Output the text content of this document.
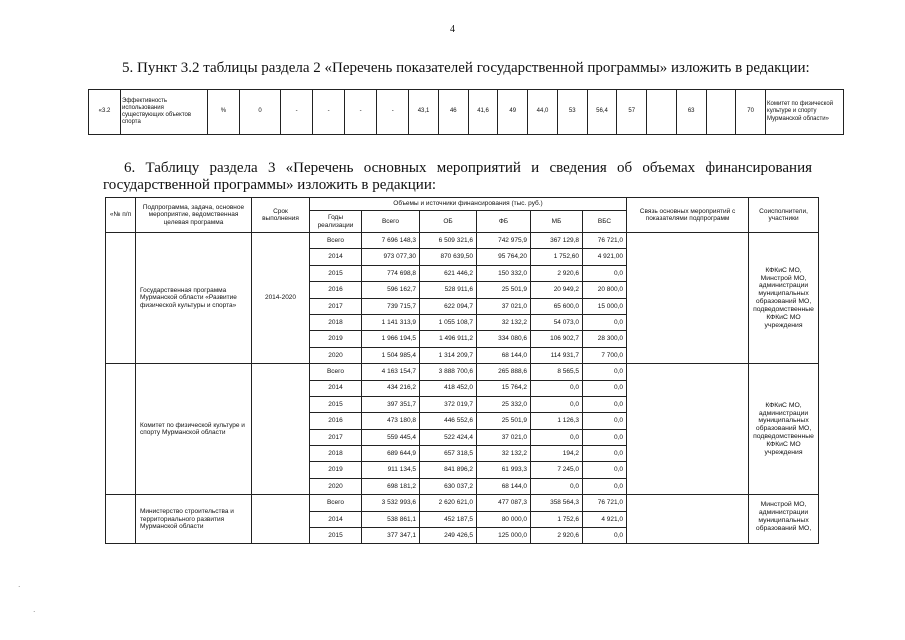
4
5. Пункт 3.2 таблицы раздела 2 «Перечень показателей государственной программы» изложить в редакции:
«3.2	Эффективность использования существующих объектов спорта	%	0	-	-	-	-	43,1	46	41,6	49	44,0	53	56,4	57		63		70	Комитет по физической культуре и спорту Мурманской области»
6. Таблицу раздела 3 «Перечень основных мероприятий и сведения об объемах финансирования
государственной программы» изложить в редакции:
«№ п/п	Подпрограмма, задача, основное мероприятие, ведомственная целевая программа	Срок выполнения	Объемы и источники финансирования (тыс. руб.)						Связь основных мероприятий с показателями подпрограмм	Соисполнители, участники
			Годы реализации	Всего	ОБ	ФБ	МБ	ВБС		
	Государственная программа Мурманской области «Развитие физической культуры и спорта»	2014-2020	Всего	7 696 148,3	6 509 321,6	742 975,9	367 129,8	76 721,0		КФКиС МО, Минстрой МО, администрации муниципальных образований МО, подведомственные КФКиС МО учреждения
			2014	973 077,30	870 639,50	95 764,20	1 752,60	4 921,00		
			2015	774 698,8	621 446,2	150 332,0	2 920,6	0,0		
			2016	596 162,7	528 911,6	25 501,9	20 949,2	20 800,0		
			2017	739 715,7	622 094,7	37 021,0	65 600,0	15 000,0		
			2018	1 141 313,9	1 055 108,7	32 132,2	54 073,0	0,0		
			2019	1 966 194,5	1 496 911,2	334 080,6	106 902,7	28 300,0		
			2020	1 504 985,4	1 314 209,7	68 144,0	114 931,7	7 700,0		
	Комитет по физической культуре и спорту Мурманской области		Всего	4 163 154,7	3 888 700,6	265 888,6	8 565,5	0,0		КФКиС МО, администрации муниципальных образований МО, подведомственные КФКиС МО учреждения
			2014	434 216,2	418 452,0	15 764,2	0,0	0,0		
			2015	397 351,7	372 019,7	25 332,0	0,0	0,0		
			2016	473 180,8	446 552,6	25 501,9	1 126,3	0,0		
			2017	559 445,4	522 424,4	37 021,0	0,0	0,0		
			2018	689 644,9	657 318,5	32 132,2	194,2	0,0		
			2019	911 134,5	841 896,2	61 993,3	7 245,0	0,0		
			2020	698 181,2	630 037,2	68 144,0	0,0	0,0		
	Министерство строительства и территориального развития Мурманской области		Всего	3 532 993,6	2 620 621,0	477 087,3	358 564,3	76 721,0		Минстрой МО, администрации муниципальных образований МО,
			2014	538 861,1	452 187,5	80 000,0	1 752,6	4 921,0		
			2015	377 347,1	249 426,5	125 000,0	2 920,6	0,0		
·
·
